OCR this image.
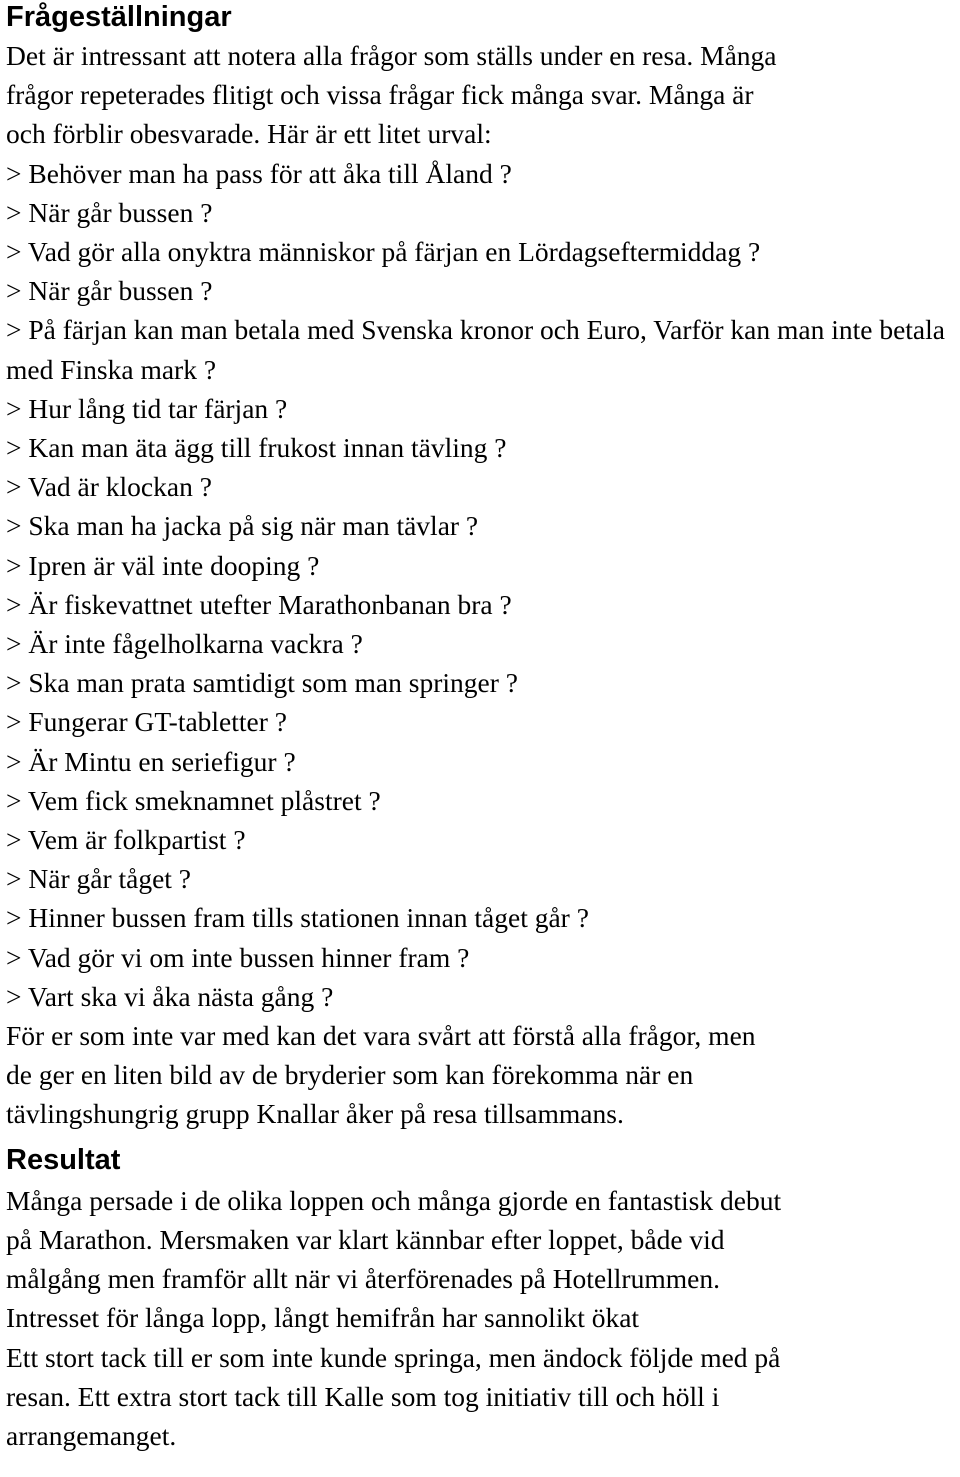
Frågeställningar
Det är intressant att notera alla frågor som ställs under en resa. Många
frågor repeterades flitigt och vissa frågar fick många svar. Många är
och förblir obesvarade. Här är ett litet urval:
> Behöver man ha pass för att åka till Åland ?
> När går bussen ?
> Vad gör alla onyktra människor på färjan en Lördagseftermiddag ?
> När går bussen ?
> På färjan kan man betala med Svenska kronor och Euro, Varför kan man inte betala med Finska mark ?
> Hur lång tid tar färjan ?
> Kan man äta ägg till frukost innan tävling ?
> Vad är klockan ?
> Ska man ha jacka på sig när man tävlar ?
> Ipren är väl inte dooping ?
> Är fiskevattnet utefter Marathonbanan bra ?
> Är inte fågelholkarna vackra ?
> Ska man prata samtidigt som man springer ?
> Fungerar GT-tabletter ?
> Är Mintu en seriefigur ?
> Vem fick smeknamnet plåstret ?
> Vem är folkpartist ?
> När går tåget ?
> Hinner bussen fram tills stationen innan tåget går ?
> Vad gör vi om inte bussen hinner fram ?
> Vart ska vi åka nästa gång ?
För er som inte var med kan det vara svårt att förstå alla frågor, men
de ger en liten bild av de bryderier som kan förekomma när en
tävlingshungrig grupp Knallar åker på resa tillsammans.
Resultat
Många persade i de olika loppen och många gjorde en fantastisk debut
på Marathon. Mersmaken var klart kännbar efter loppet, både vid
målgång men framför allt när vi återförenades på Hotellrummen.
Intresset för långa lopp, långt hemifrån har sannolikt ökat
Ett stort tack till er som inte kunde springa, men ändock följde med på
resan. Ett extra stort tack till Kalle som tog initiativ till och höll i
arrangemanget.
